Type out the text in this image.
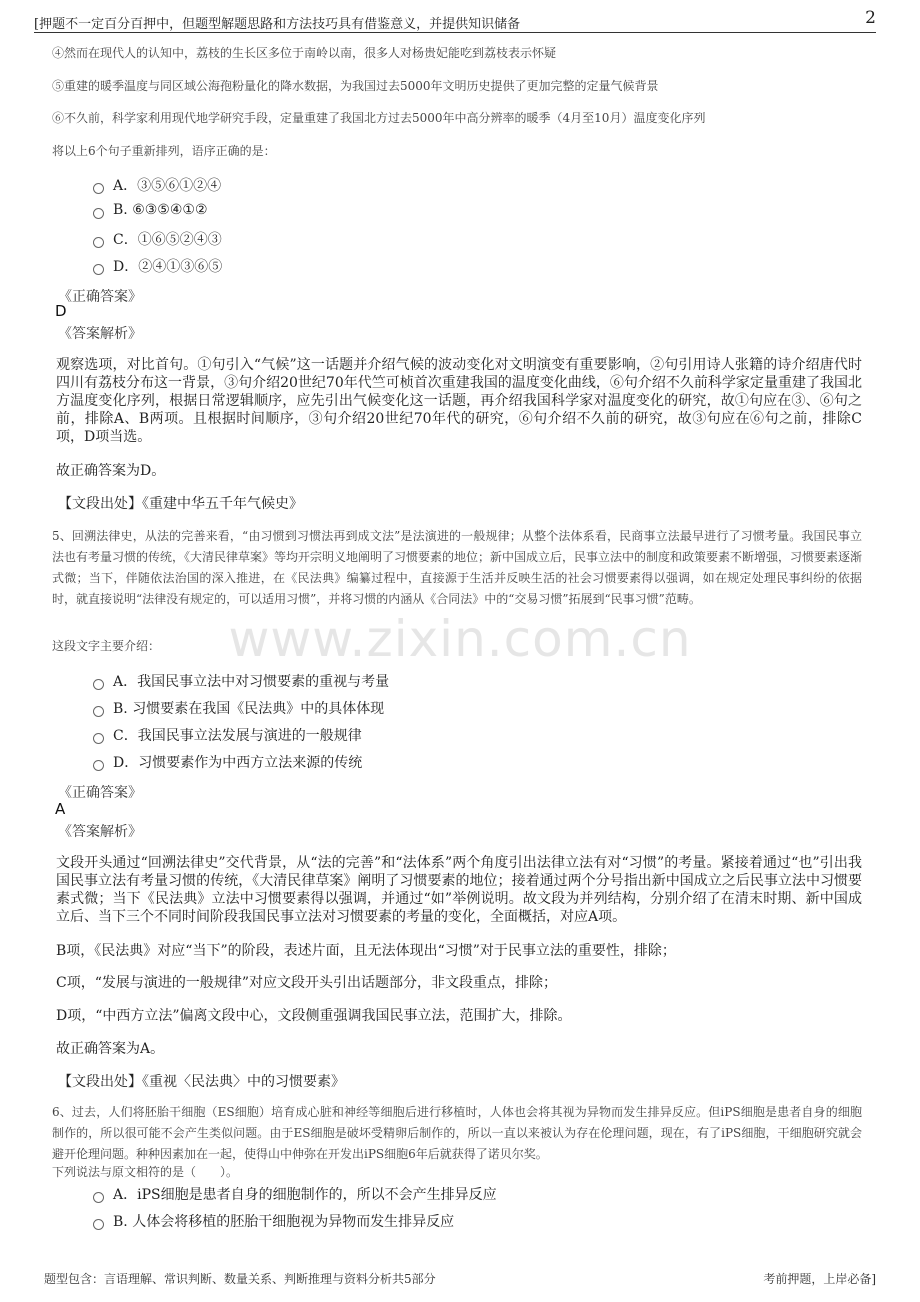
[押题不一定百分百押中，但题型解题思路和方法技巧具有借鉴意义，并提供知识储备	2
www.zixin.com.cn
④然而在现代人的认知中，荔枝的生长区多位于南岭以南，很多人对杨贵妃能吃到荔枝表示怀疑
⑤重建的暖季温度与同区域公海孢粉量化的降水数据，为我国过去5000年文明历史提供了更加完整的定量气候背景
⑥不久前，科学家利用现代地学研究手段，定量重建了我国北方过去5000年中高分辨率的暖季（4月至10月）温度变化序列
将以上6个句子重新排列，语序正确的是：
A．③⑤⑥①②④
B. ⑥③⑤④①②
C．①⑥⑤②④③
D．②④①③⑥⑤
《正确答案》
D
《答案解析》
观察选项，对比首句。①句引入“气候”这一话题并介绍气候的波动变化对文明演变有重要影响，②句引用诗人张籍的诗介绍唐代时四川有荔枝分布这一背景，③句介绍20世纪70年代竺可桢首次重建我国的温度变化曲线，⑥句介绍不久前科学家定量重建了我国北方温度变化序列，根据日常逻辑顺序，应先引出气候变化这一话题，再介绍我国科学家对温度变化的研究，故①句应在③、⑥句之前，排除A、B两项。且根据时间顺序，③句介绍20世纪70年代的研究，⑥句介绍不久前的研究，故③句应在⑥句之前，排除C项，D项当选。
故正确答案为D。
【文段出处】《重建中华五千年气候史》
5、回溯法律史，从法的完善来看，“由习惯到习惯法再到成文法”是法演进的一般规律；从整个法体系看，民商事立法最早进行了习惯考量。我国民事立法也有考量习惯的传统，《大清民律草案》等均开宗明义地阐明了习惯要素的地位；新中国成立后，民事立法中的制度和政策要素不断增强，习惯要素逐渐式微；当下，伴随依法治国的深入推进，在《民法典》编纂过程中，直接源于生活并反映生活的社会习惯要素得以强调，如在规定处理民事纠纷的依据时，就直接说明“法律没有规定的，可以适用习惯”，并将习惯的内涵从《合同法》中的“交易习惯”拓展到“民事习惯”范畴。
这段文字主要介绍：
A．我国民事立法中对习惯要素的重视与考量
B. 习惯要素在我国《民法典》中的具体体现
C．我国民事立法发展与演进的一般规律
D．习惯要素作为中西方立法来源的传统
《正确答案》
A
《答案解析》
文段开头通过“回溯法律史”交代背景，从“法的完善”和“法体系”两个角度引出法律立法有对“习惯”的考量。紧接着通过“也”引出我国民事立法有考量习惯的传统，《大清民律草案》阐明了习惯要素的地位；接着通过两个分号指出新中国成立之后民事立法中习惯要素式微；当下《民法典》立法中习惯要素得以强调，并通过“如”举例说明。故文段为并列结构，分别介绍了在清末时期、新中国成立后、当下三个不同时间阶段我国民事立法对习惯要素的考量的变化，全面概括，对应A项。
B项，《民法典》对应“当下”的阶段，表述片面，且无法体现出“习惯”对于民事立法的重要性，排除；
C项，“发展与演进的一般规律”对应文段开头引出话题部分，非文段重点，排除；
D项，“中西方立法”偏离文段中心，文段侧重强调我国民事立法，范围扩大，排除。
故正确答案为A。
【文段出处】《重视〈民法典〉中的习惯要素》
6、过去，人们将胚胎干细胞（ES细胞）培育成心脏和神经等细胞后进行移植时，人体也会将其视为异物而发生排异反应。但iPS细胞是患者自身的细胞制作的，所以很可能不会产生类似问题。由于ES细胞是破坏受精卵后制作的，所以一直以来被认为存在伦理问题，现在，有了iPS细胞，干细胞研究就会避开伦理问题。种种因素加在一起，使得山中伸弥在开发出iPS细胞6年后就获得了诺贝尔奖。
下列说法与原文相符的是（　　）。
A．iPS细胞是患者自身的细胞制作的，所以不会产生排异反应
B. 人体会将移植的胚胎干细胞视为异物而发生排异反应
题型包含：言语理解、常识判断、数量关系、判断推理与资料分析共5部分	考前押题，上岸必备]
